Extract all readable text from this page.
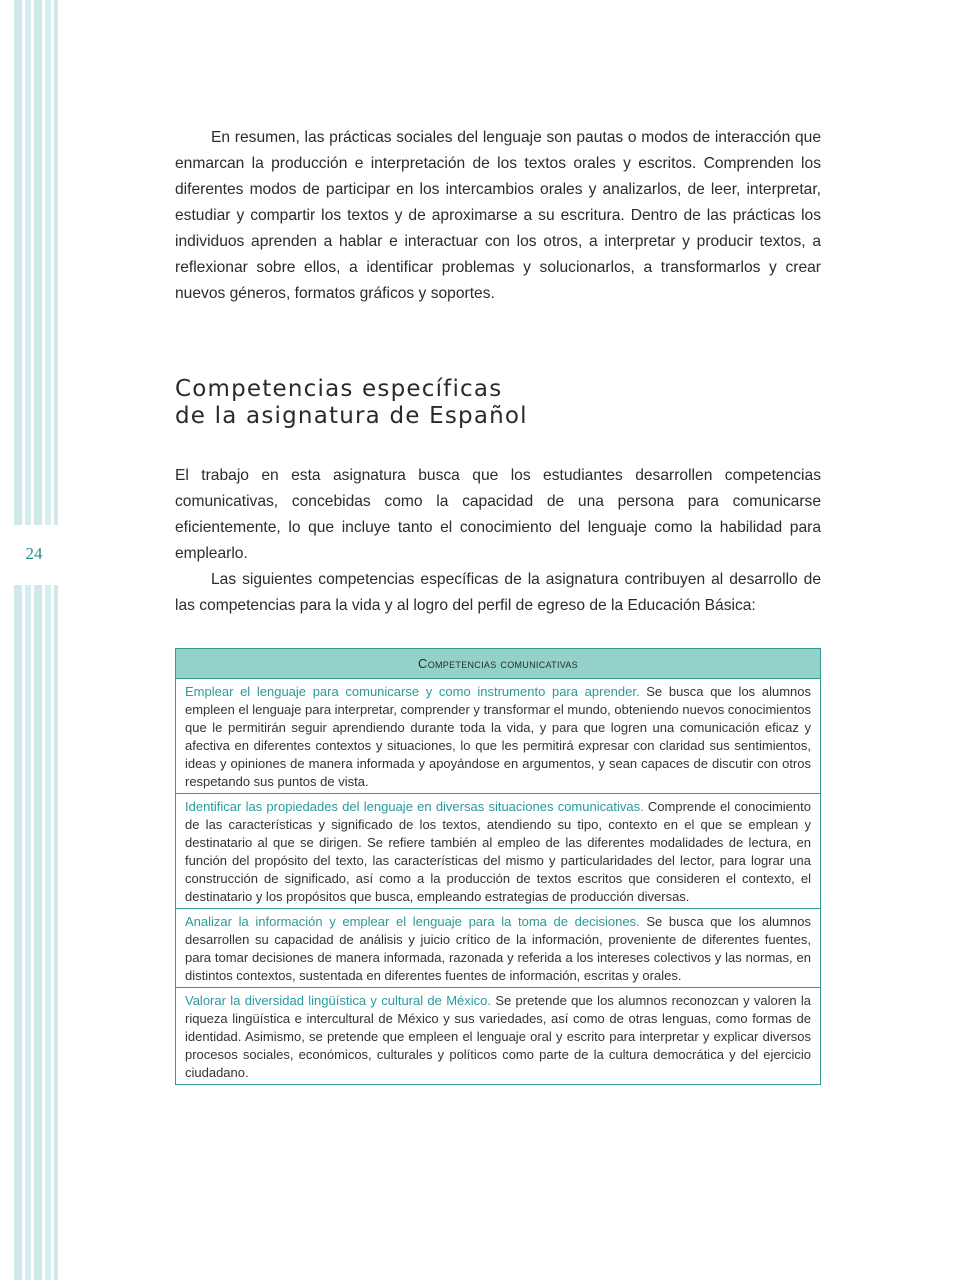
24

En resumen, las prácticas sociales del lenguaje son pautas o modos de interacción que enmarcan la producción e interpretación de los textos orales y escritos. Comprenden los diferentes modos de participar en los intercambios orales y analizarlos, de leer, interpretar, estudiar y compartir los textos y de aproximarse a su escritura. Dentro de las prácticas los individuos aprenden a hablar e interactuar con los otros, a interpretar y producir textos, a reflexionar sobre ellos, a identificar problemas y solucionarlos, a transformarlos y crear nuevos géneros, formatos gráficos y soportes.

Competencias específicas
de la asignatura de Español

El trabajo en esta asignatura busca que los estudiantes desarrollen competencias comunicativas, concebidas como la capacidad de una persona para comunicarse eficientemente, lo que incluye tanto el conocimiento del lenguaje como la habilidad para emplearlo.

Las siguientes competencias específicas de la asignatura contribuyen al desarrollo de las competencias para la vida y al logro del perfil de egreso de la Educación Básica:

Competencias comunicativas
Emplear el lenguaje para comunicarse y como instrumento para aprender. Se busca que los alumnos empleen el lenguaje para interpretar, comprender y transformar el mundo, obteniendo nuevos conocimientos que le permitirán seguir aprendiendo durante toda la vida, y para que logren una comunicación eficaz y afectiva en diferentes contextos y situaciones, lo que les permitirá expresar con claridad sus sentimientos, ideas y opiniones de manera informada y apoyándose en argumentos, y sean capaces de discutir con otros respetando sus puntos de vista.
Identificar las propiedades del lenguaje en diversas situaciones comunicativas. Comprende el conocimiento de las características y significado de los textos, atendiendo su tipo, contexto en el que se emplean y destinatario al que se dirigen. Se refiere también al empleo de las diferentes modalidades de lectura, en función del propósito del texto, las características del mismo y particularidades del lector, para lograr una construcción de significado, así como a la producción de textos escritos que consideren el contexto, el destinatario y los propósitos que busca, empleando estrategias de producción diversas.
Analizar la información y emplear el lenguaje para la toma de decisiones. Se busca que los alumnos desarrollen su capacidad de análisis y juicio crítico de la información, proveniente de diferentes fuentes, para tomar decisiones de manera informada, razonada y referida a los intereses colectivos y las normas, en distintos contextos, sustentada en diferentes fuentes de información, escritas y orales.
Valorar la diversidad lingüística y cultural de México. Se pretende que los alumnos reconozcan y valoren la riqueza lingüística e intercultural de México y sus variedades, así como de otras lenguas, como formas de identidad. Asimismo, se pretende que empleen el lenguaje oral y escrito para interpretar y explicar diversos procesos sociales, económicos, culturales y políticos como parte de la cultura democrática y del ejercicio ciudadano.
